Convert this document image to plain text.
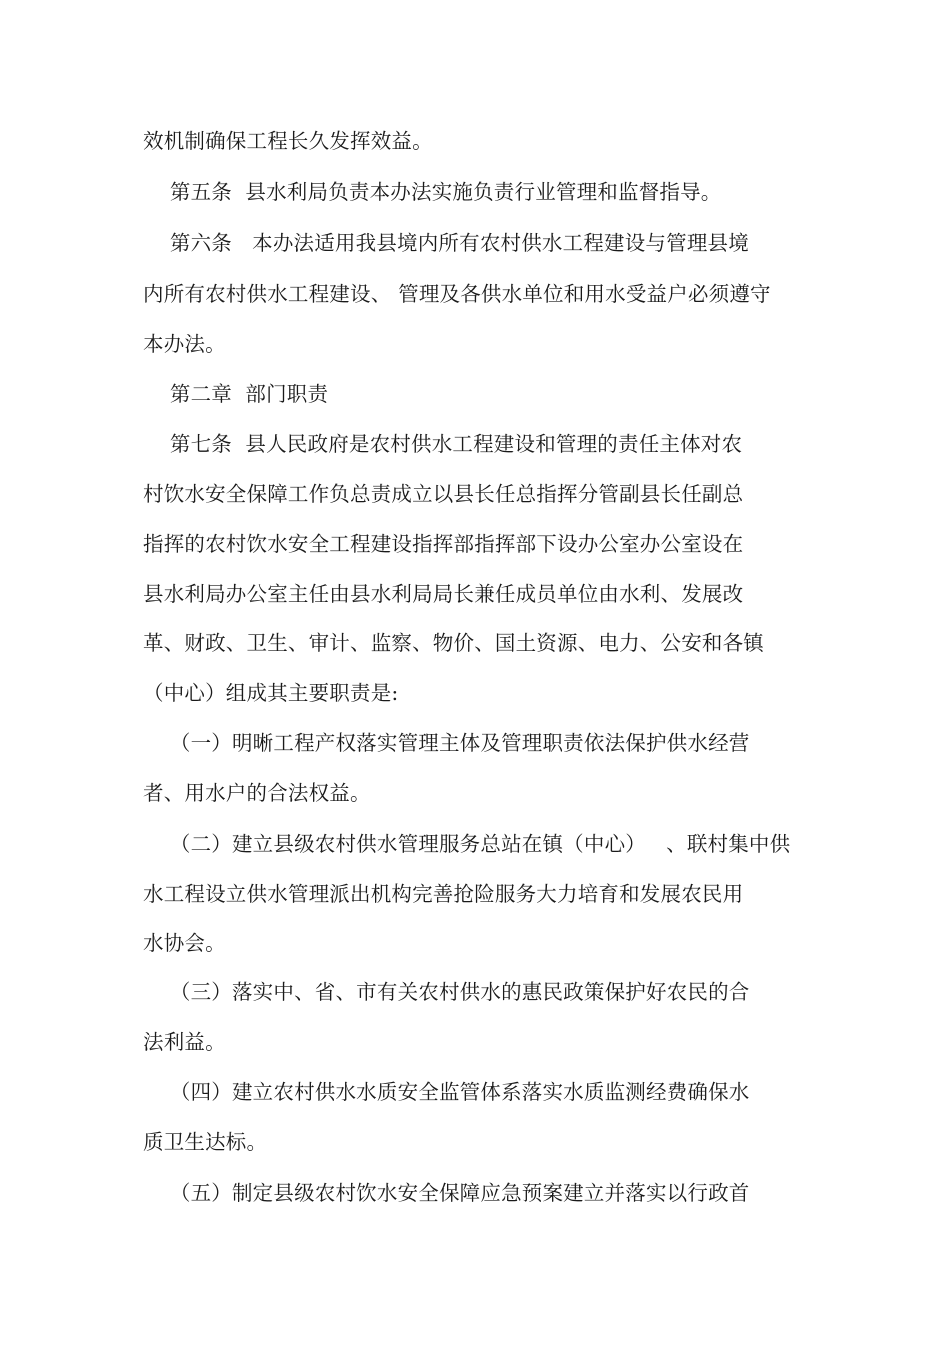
效机制确保工程长久发挥效益。

第五条  县水利局负责本办法实施负责行业管理和监督指导。

第六条   本办法适用我县境内所有农村供水工程建设与管理县境

内所有农村供水工程建设、 管理及各供水单位和用水受益户必须遵守

本办法。

第二章  部门职责

第七条  县人民政府是农村供水工程建设和管理的责任主体对农

村饮水安全保障工作负总责成立以县长任总指挥分管副县长任副总

指挥的农村饮水安全工程建设指挥部指挥部下设办公室办公室设在

县水利局办公室主任由县水利局局长兼任成员单位由水利、发展改

革、财政、卫生、审计、监察、物价、国土资源、电力、公安和各镇

（中心）组成其主要职责是:

（一）明晰工程产权落实管理主体及管理职责依法保护供水经营

者、用水户的合法权益。

（二）建立县级农村供水管理服务总站在镇（中心）   、联村集中供

水工程设立供水管理派出机构完善抢险服务大力培育和发展农民用

水协会。

（三）落实中、省、市有关农村供水的惠民政策保护好农民的合

法利益。

（四）建立农村供水水质安全监管体系落实水质监测经费确保水

质卫生达标。

（五）制定县级农村饮水安全保障应急预案建立并落实以行政首
